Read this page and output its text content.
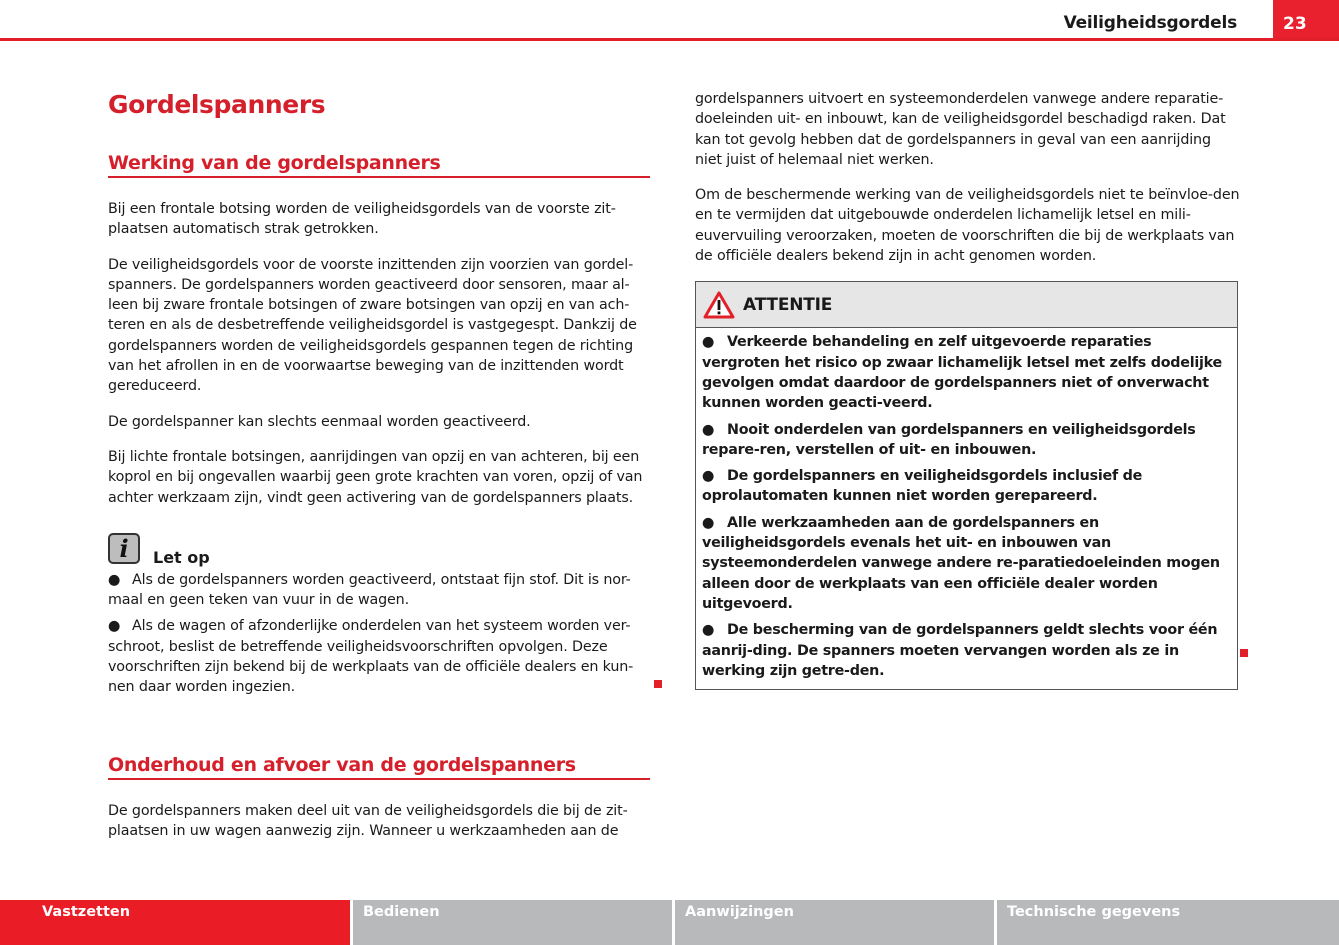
Veiligheidsgordels	23
Gordelspanners
Werking van de gordelspanners

Bij een frontale botsing worden de veiligheidsgordels van de voorste zit-plaatsen automatisch strak getrokken.

De veiligheidsgordels voor de voorste inzittenden zijn voorzien van gordel-spanners. De gordelspanners worden geactiveerd door sensoren, maar al-leen bij zware frontale botsingen of zware botsingen van opzij en van ach-teren en als de desbetreffende veiligheidsgordel is vastgegespt. Dankzij de gordelspanners worden de veiligheidsgordels gespannen tegen de richting van het afrollen in en de voorwaartse beweging van de inzittenden wordt gereduceerd.

De gordelspanner kan slechts eenmaal worden geactiveerd.

Bij lichte frontale botsingen, aanrijdingen van opzij en van achteren, bij een koprol en bij ongevallen waarbij geen grote krachten van voren, opzij of van achter werkzaam zijn, vindt geen activering van de gordelspanners plaats.

i	Let op
● Als de gordelspanners worden geactiveerd, ontstaat fijn stof. Dit is nor-maal en geen teken van vuur in de wagen.
● Als de wagen of afzonderlijke onderdelen van het systeem worden ver-schroot, beslist de betreffende veiligheidsvoorschriften opvolgen. Deze voorschriften zijn bekend bij de werkplaats van de officiële dealers en kun-nen daar worden ingezien.
Onderhoud en afvoer van de gordelspanners

De gordelspanners maken deel uit van de veiligheidsgordels die bij de zit-plaatsen in uw wagen aanwezig zijn. Wanneer u werkzaamheden aan de

gordelspanners uitvoert en systeemonderdelen vanwege andere reparatie-doeleinden uit- en inbouwt, kan de veiligheidsgordel beschadigd raken. Dat kan tot gevolg hebben dat de gordelspanners in geval van een aanrijding niet juist of helemaal niet werken.

Om de beschermende werking van de veiligheidsgordels niet te beïnvloe-den en te vermijden dat uitgebouwde onderdelen lichamelijk letsel en mili-euvervuiling veroorzaken, moeten de voorschriften die bij de werkplaats van de officiële dealers bekend zijn in acht genomen worden.

ATTENTIE
● Verkeerde behandeling en zelf uitgevoerde reparaties vergroten het risico op zwaar lichamelijk letsel met zelfs dodelijke gevolgen omdat daardoor de gordelspanners niet of onverwacht kunnen worden geacti-veerd.
● Nooit onderdelen van gordelspanners en veiligheidsgordels repare-ren, verstellen of uit- en inbouwen.
● De gordelspanners en veiligheidsgordels inclusief de oprolautomaten kunnen niet worden gerepareerd.
● Alle werkzaamheden aan de gordelspanners en veiligheidsgordels evenals het uit- en inbouwen van systeemonderdelen vanwege andere re-paratiedoeleinden mogen alleen door de werkplaats van een officiële dealer worden uitgevoerd.
● De bescherming van de gordelspanners geldt slechts voor één aanrij-ding. De spanners moeten vervangen worden als ze in werking zijn getre-den.
Vastzetten	Bedienen	Aanwijzingen	Technische gegevens
